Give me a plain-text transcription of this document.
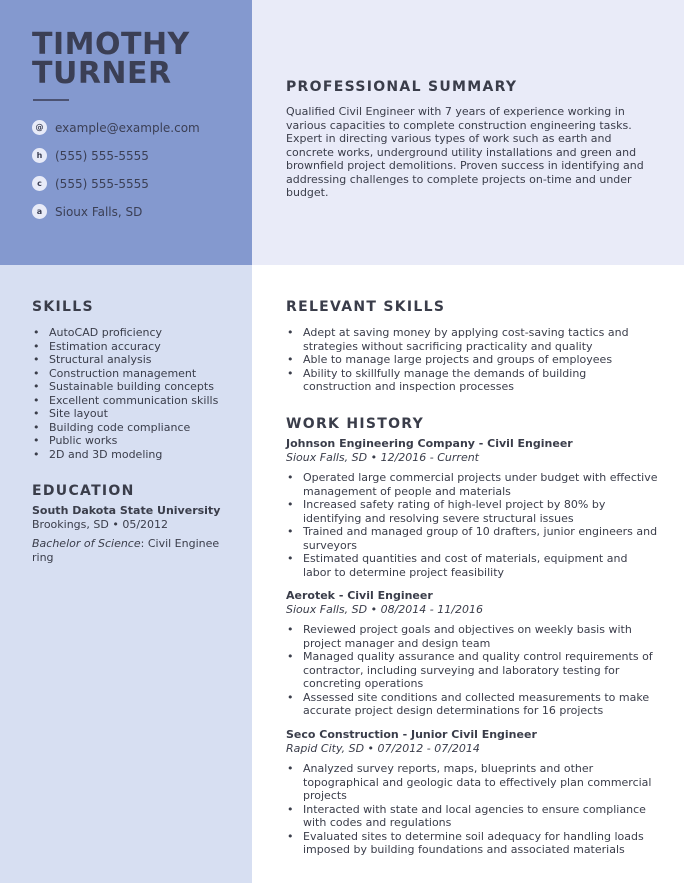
TIMOTHY
TURNER
@ example@example.com
h	(555) 555-5555
c	(555) 555-5555
a	Sioux Falls, SD
PROFESSIONAL SUMMARY

Qualified Civil Engineer with 7 years of experience working in various capacities to complete construction engineering tasks. Expert in directing various types of work such as earth and concrete works, underground utility installations and green and brownfield project demolitions. Proven success in identifying and addressing challenges to complete projects on-time and under budget.

SKILLS
• AutoCAD proficiency
• Estimation accuracy
• Structural analysis
• Construction management
• Sustainable building concepts
• Excellent communication skills
• Site layout
• Building code compliance
• Public works
• 2D and 3D modeling
EDUCATION
South Dakota State University
Brookings, SD • 05/2012
Bachelor of Science: Civil Engineering
RELEVANT SKILLS
• Adept at saving money by applying cost-saving tactics and strategies without sacrificing practicality and quality
• Able to manage large projects and groups of employees
• Ability to skillfully manage the demands of building construction and inspection processes
WORK HISTORY
Johnson Engineering Company - Civil Engineer
Sioux Falls, SD • 12/2016 - Current
• Operated large commercial projects under budget with effective management of people and materials
• Increased safety rating of high-level project by 80% by identifying and resolving severe structural issues
• Trained and managed group of 10 drafters, junior engineers and surveyors
• Estimated quantities and cost of materials, equipment and labor to determine project feasibility
Aerotek - Civil Engineer
Sioux Falls, SD • 08/2014 - 11/2016
• Reviewed project goals and objectives on weekly basis with project manager and design team
• Managed quality assurance and quality control requirements of contractor, including surveying and laboratory testing for concreting operations
• Assessed site conditions and collected measurements to make accurate project design determinations for 16 projects
Seco Construction - Junior Civil Engineer
Rapid City, SD • 07/2012 - 07/2014
• Analyzed survey reports, maps, blueprints and other topographical and geologic data to effectively plan commercial projects
• Interacted with state and local agencies to ensure compliance with codes and regulations
• Evaluated sites to determine soil adequacy for handling loads imposed by building foundations and associated materials
